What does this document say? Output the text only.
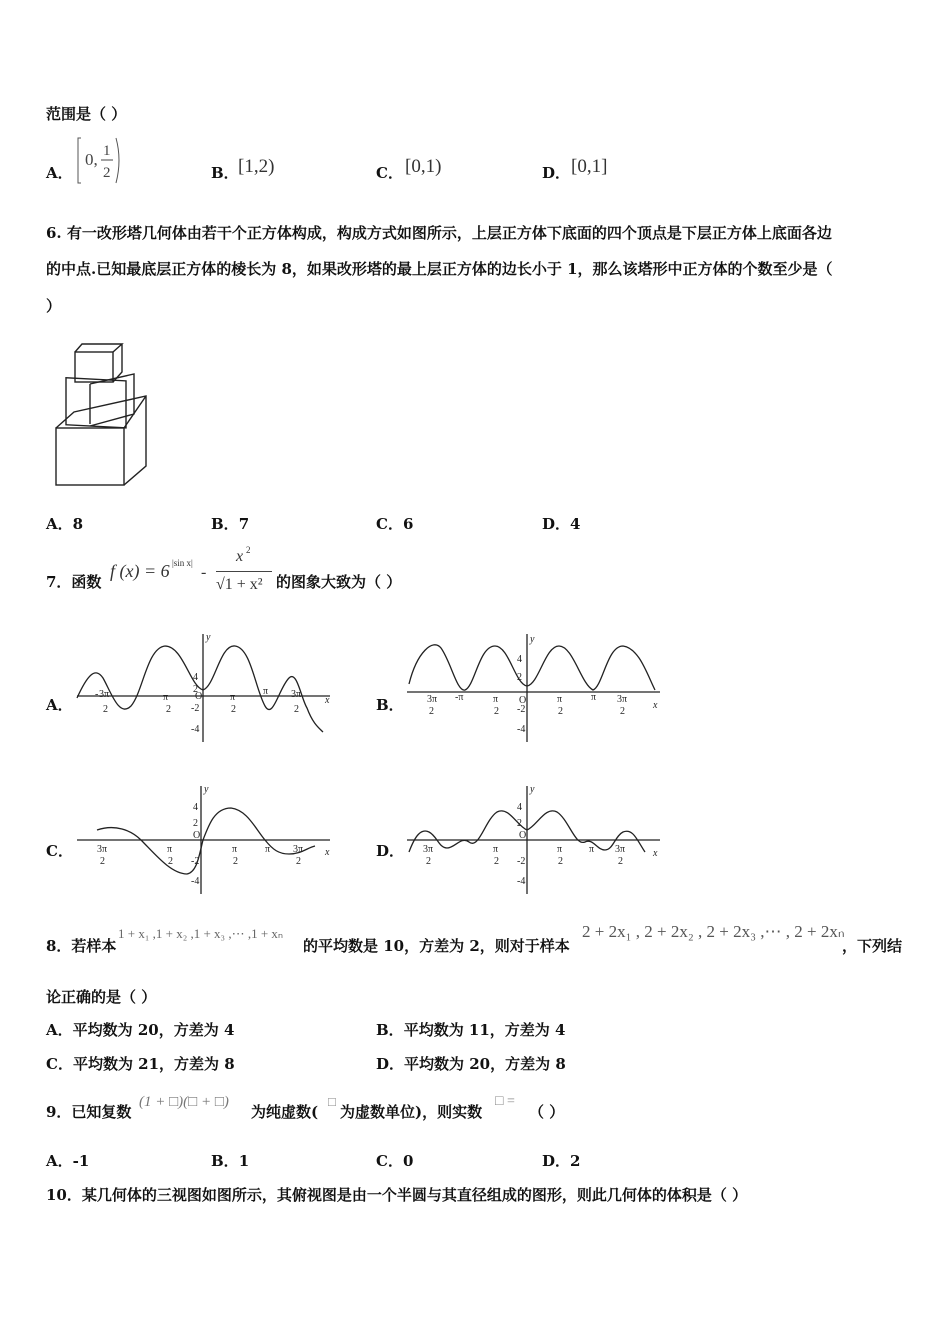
范围是（ ）
A．
0, 1
2	B． [1,2)	C． [0,1)	D． [0,1]
6. 有一改形塔几何体由若干个正方体构成，构成方式如图所示，上层正方体下底面的四个顶点是下层正方体上底面各边
的中点.已知最底层正方体的棱长为 8，如果改形塔的最上层正方体的边长小于 1，那么该塔形中正方体的个数至少是（
）
A．8	B．7	C．6	D．4
7．函数
f (x) = 6 |sin x|
-
x 2
√1 + x² 的图象大致为（ ）
A．	B．
C．	D．
y
x
4
2
-2
-4
O
- 3π
2
π
2
π
2
π 3π
2
y
x
4
2
-2
-4
O
3π
2
-π	π
2
π
2
π 3π
2
y
x
4
2
-2
-4
O
3π
2
π
2
π
2
π 3π
2
y
x
4
2
-2
-4
O
3π
2
π
2
π
2
π 3π
2
8．若样本
1 + x₁ ,1 + x₂ ,1 + x₃ ,⋯ ,1 + xₙ
的平均数是 10，方差为 2，则对于样本
2 + 2x₁ , 2 + 2x₂ , 2 + 2x₃ ,⋯ , 2 + 2xₙ
，下列结
论正确的是（ ）
A．平均数为 20，方差为 4	B．平均数为 11，方差为 4
C．平均数为 21，方差为 8	D．平均数为 20，方差为 8
9．已知复数
(1 + □)(□ + □)
为纯虚数(
□
为虚数单位)，则实数
□ =
（ ）
A．-1	B．1	C．0	D．2
10．某几何体的三视图如图所示，其俯视图是由一个半圆与其直径组成的图形，则此几何体的体积是（ ）
